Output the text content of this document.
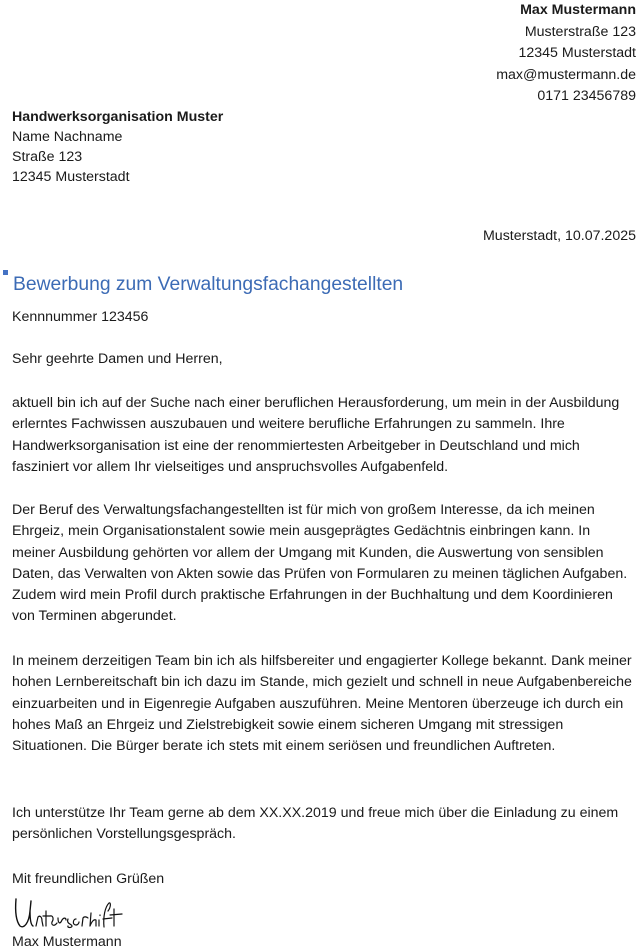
Max Mustermann
Musterstraße 123
12345 Musterstadt
max@mustermann.de
0171 23456789
Handwerksorganisation Muster
Name Nachname
Straße 123
12345 Musterstadt
Musterstadt, 10.07.2025
Bewerbung zum Verwaltungsfachangestellten
Kennnummer 123456
Sehr geehrte Damen und Herren,

aktuell bin ich auf der Suche nach einer beruflichen Herausforderung, um mein in der Ausbildung erlerntes Fachwissen auszubauen und weitere berufliche Erfahrungen zu sammeln. Ihre Handwerksorganisation ist eine der renommiertesten Arbeitgeber in Deutschland und mich fasziniert vor allem Ihr vielseitiges und anspruchsvolles Aufgabenfeld.

Der Beruf des Verwaltungsfachangestellten ist für mich von großem Interesse, da ich meinen Ehrgeiz, mein Organisationstalent sowie mein ausgeprägtes Gedächtnis einbringen kann. In meiner Ausbildung gehörten vor allem der Umgang mit Kunden, die Auswertung von sensiblen Daten, das Verwalten von Akten sowie das Prüfen von Formularen zu meinen täglichen Aufgaben. Zudem wird mein Profil durch praktische Erfahrungen in der Buchhaltung und dem Koordinieren von Terminen abgerundet.

In meinem derzeitigen Team bin ich als hilfsbereiter und engagierter Kollege bekannt. Dank meiner hohen Lernbereitschaft bin ich dazu im Stande, mich gezielt und schnell in neue Aufgabenbereiche einzuarbeiten und in Eigenregie Aufgaben auszuführen. Meine Mentoren überzeuge ich durch ein hohes Maß an Ehrgeiz und Zielstrebigkeit sowie einem sicheren Umgang mit stressigen Situationen. Die Bürger berate ich stets mit einem seriösen und freundlichen Auftreten.

Ich unterstütze Ihr Team gerne ab dem XX.XX.2019 und freue mich über die Einladung zu einem persönlichen Vorstellungsgespräch.

Mit freundlichen Grüßen
Max Mustermann
